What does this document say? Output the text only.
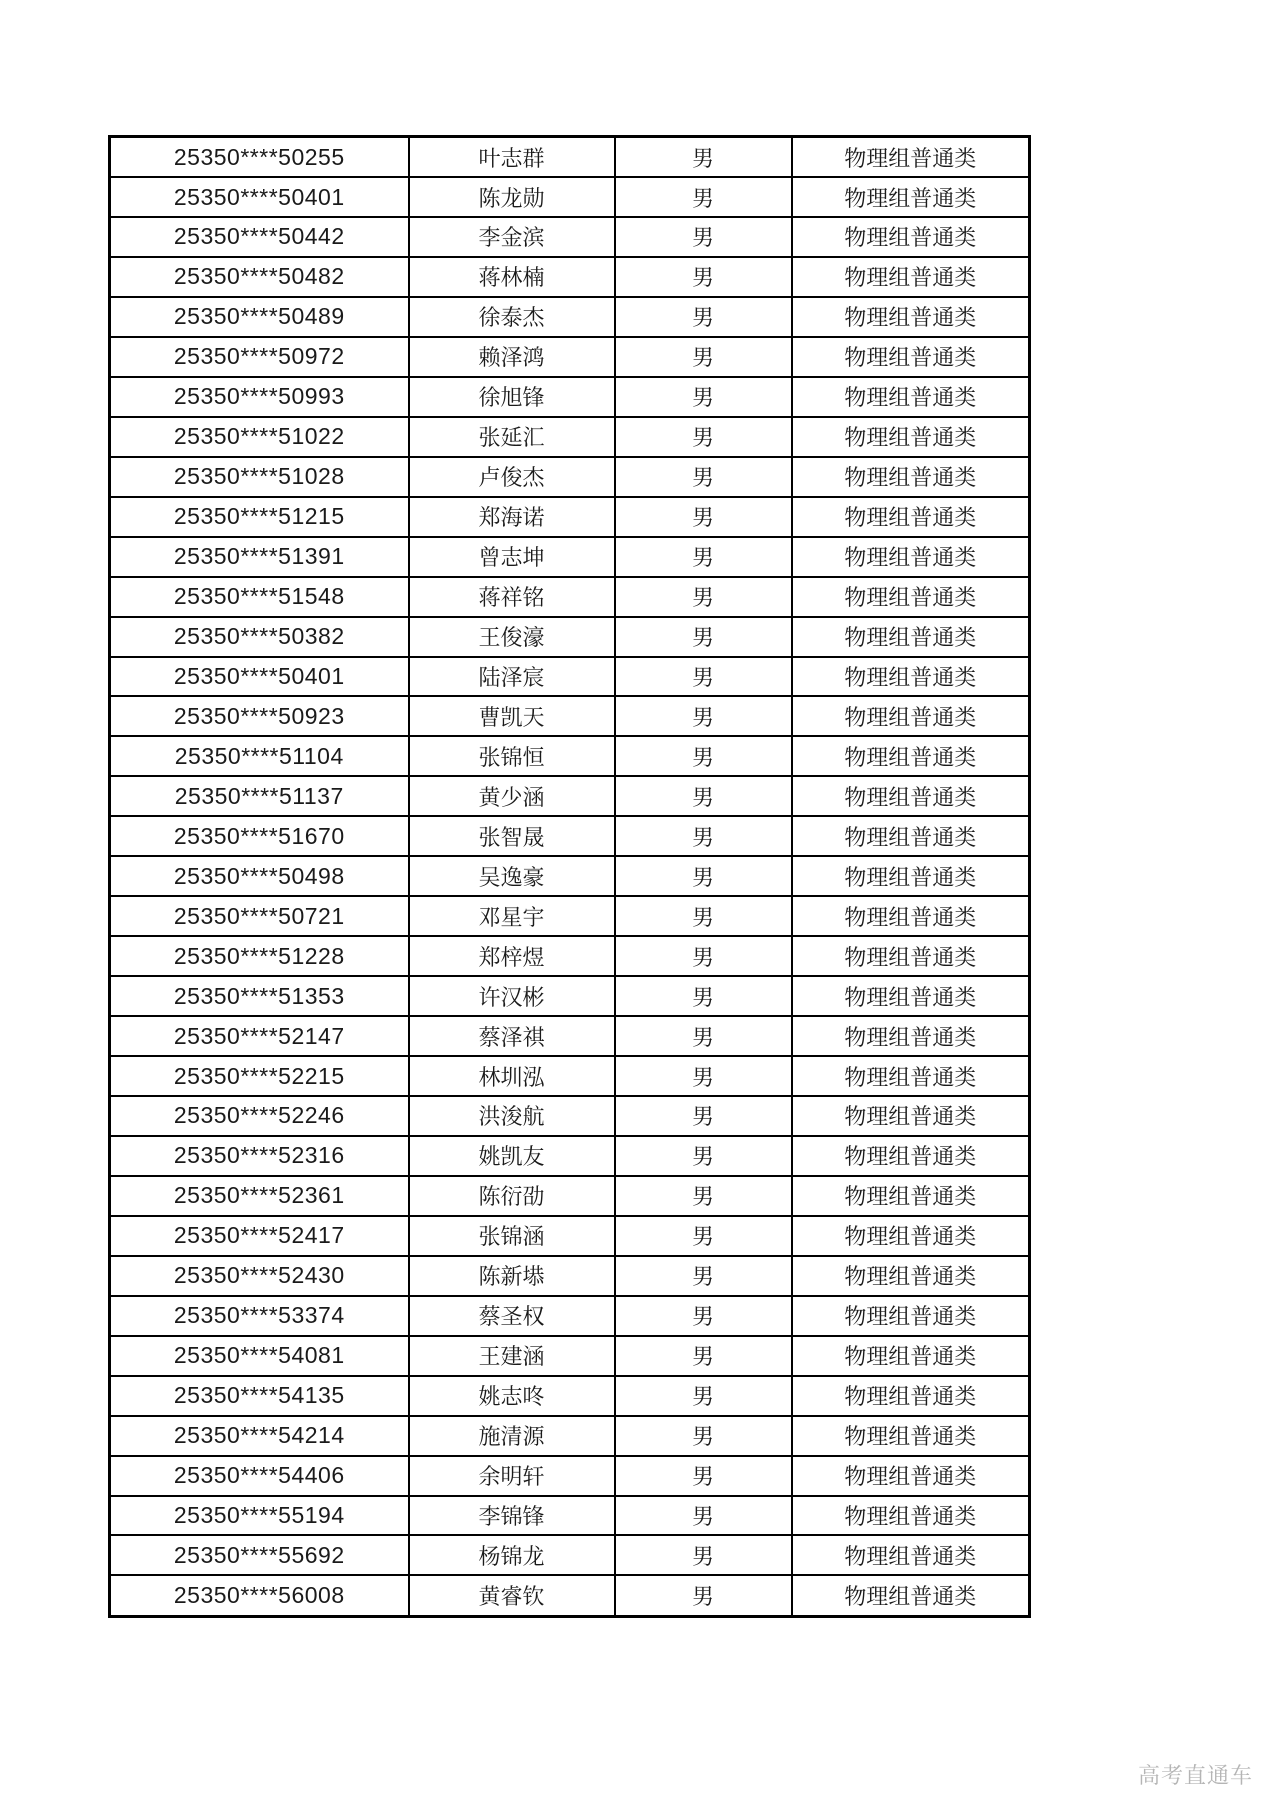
25350****50255	叶志群	男	物理组普通类
25350****50401	陈龙勋	男	物理组普通类
25350****50442	李金滨	男	物理组普通类
25350****50482	蒋林楠	男	物理组普通类
25350****50489	徐泰杰	男	物理组普通类
25350****50972	赖泽鸿	男	物理组普通类
25350****50993	徐旭锋	男	物理组普通类
25350****51022	张延汇	男	物理组普通类
25350****51028	卢俊杰	男	物理组普通类
25350****51215	郑海诺	男	物理组普通类
25350****51391	曾志坤	男	物理组普通类
25350****51548	蒋祥铭	男	物理组普通类
25350****50382	王俊濠	男	物理组普通类
25350****50401	陆泽宸	男	物理组普通类
25350****50923	曹凯天	男	物理组普通类
25350****51104	张锦恒	男	物理组普通类
25350****51137	黄少涵	男	物理组普通类
25350****51670	张智晟	男	物理组普通类
25350****50498	吴逸豪	男	物理组普通类
25350****50721	邓星宇	男	物理组普通类
25350****51228	郑梓煜	男	物理组普通类
25350****51353	许汉彬	男	物理组普通类
25350****52147	蔡泽祺	男	物理组普通类
25350****52215	林圳泓	男	物理组普通类
25350****52246	洪浚航	男	物理组普通类
25350****52316	姚凯友	男	物理组普通类
25350****52361	陈衍劭	男	物理组普通类
25350****52417	张锦涵	男	物理组普通类
25350****52430	陈新塨	男	物理组普通类
25350****53374	蔡圣权	男	物理组普通类
25350****54081	王建涵	男	物理组普通类
25350****54135	姚志咚	男	物理组普通类
25350****54214	施清源	男	物理组普通类
25350****54406	余明轩	男	物理组普通类
25350****55194	李锦锋	男	物理组普通类
25350****55692	杨锦龙	男	物理组普通类
25350****56008	黄睿钦	男	物理组普通类
高考直通车
